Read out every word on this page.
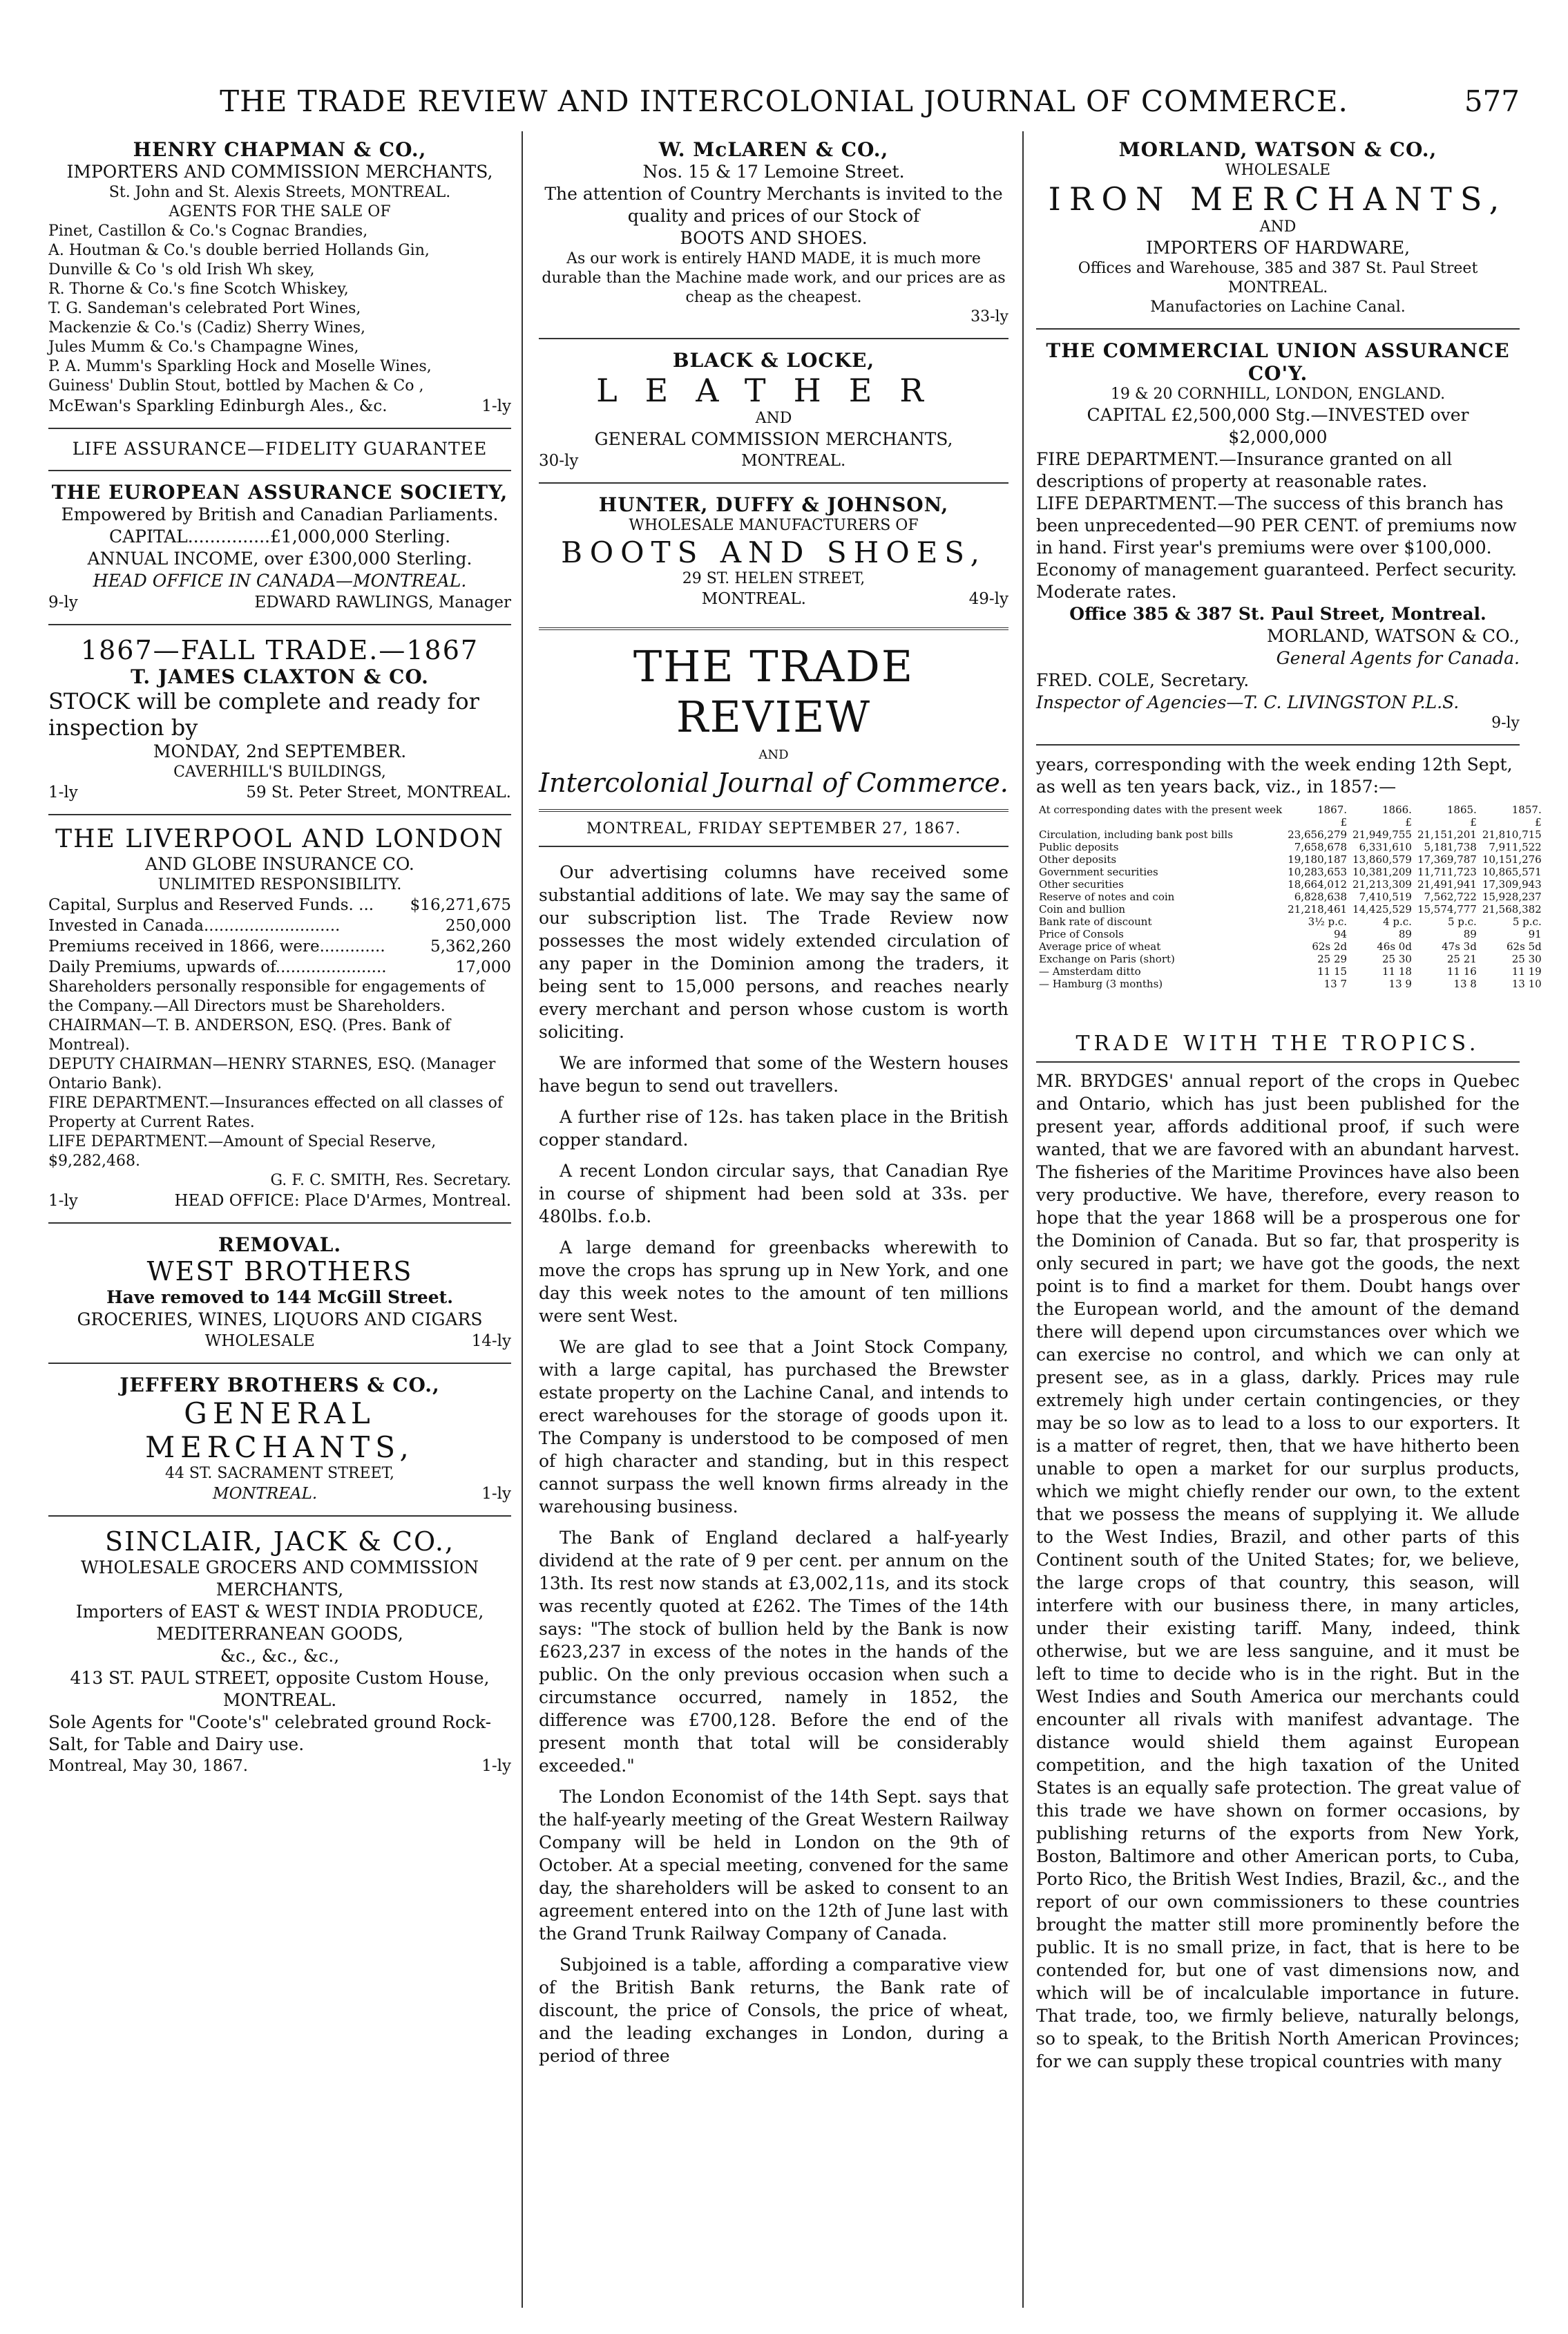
THE TRADE REVIEW AND INTERCOLONIAL JOURNAL OF COMMERCE.	577

HENRY CHAPMAN & CO.,

IMPORTERS AND COMMISSION MERCHANTS,

St. John and St. Alexis Streets, MONTREAL.

AGENTS FOR THE SALE OF

Pinet, Castillon & Co.'s Cognac Brandies,

A. Houtman & Co.'s double berried Hollands Gin,

Dunville & Co 's old Irish Wh skey,

R. Thorne & Co.'s fine Scotch Whiskey,

T. G. Sandeman's celebrated Port Wines,

Mackenzie & Co.'s (Cadiz) Sherry Wines,

Jules Mumm & Co.'s Champagne Wines,

P. A. Mumm's Sparkling Hock and Moselle Wines,

Guiness' Dublin Stout, bottled by Machen & Co ,

McEwan's Sparkling Edinburgh Ales., &c.	1-ly

LIFE ASSURANCE—FIDELITY GUARANTEE

THE EUROPEAN ASSURANCE SOCIETY,

Empowered by British and Canadian Parliaments.

CAPITAL...............£1,000,000 Sterling.

ANNUAL INCOME, over £300,000 Sterling.

HEAD OFFICE IN CANADA—MONTREAL.

9-ly	EDWARD RAWLINGS, Manager

1867—FALL TRADE.—1867

T. JAMES CLAXTON & CO.

STOCK will be complete and ready for inspection by

MONDAY, 2nd SEPTEMBER.

CAVERHILL'S BUILDINGS,

1-ly	59 St. Peter Street, MONTREAL.

THE LIVERPOOL AND LONDON

AND GLOBE INSURANCE CO.

UNLIMITED RESPONSIBILITY.

Capital, Surplus and Reserved Funds. ... $16,271,675
Invested in Canada...........................	250,000
Premiums received in 1866, were.............	5,362,260
Daily Premiums, upwards of......................	17,000

Shareholders personally responsible for engagements of the Company.—All Directors must be Shareholders.

CHAIRMAN—T. B. ANDERSON, ESQ. (Pres. Bank of Montreal).

DEPUTY CHAIRMAN—HENRY STARNES, ESQ. (Manager Ontario Bank).

FIRE DEPARTMENT.—Insurances effected on all classes of Property at Current Rates.

LIFE DEPARTMENT.—Amount of Special Reserve, $9,282,468.

G. F. C. SMITH, Res. Secretary.

1-ly	HEAD OFFICE: Place D'Armes, Montreal.

REMOVAL.

WEST BROTHERS

Have removed to 144 McGill Street.

GROCERIES, WINES, LIQUORS AND CIGARS

WHOLESALE	14-ly

JEFFERY BROTHERS & CO.,

GENERAL MERCHANTS,

44 ST. SACRAMENT STREET,

MONTREAL.	1-ly

SINCLAIR, JACK & CO.,

WHOLESALE GROCERS AND COMMISSION MERCHANTS,

Importers of EAST & WEST INDIA PRODUCE,

MEDITERRANEAN GOODS,

&c., &c., &c.,

413 ST. PAUL STREET, opposite Custom House,

MONTREAL.

Sole Agents for "Coote's" celebrated ground Rock-Salt, for Table and Dairy use.

Montreal, May 30, 1867.	1-ly

W. McLAREN & CO.,

Nos. 15 & 17 Lemoine Street.

The attention of Country Merchants is invited to the quality and prices of our Stock of

BOOTS AND SHOES.

As our work is entirely HAND MADE, it is much more durable than the Machine made work, and our prices are as cheap as the cheapest.

33-ly

BLACK & LOCKE,

LEATHER

AND

GENERAL COMMISSION MERCHANTS,

30-ly	MONTREAL.

HUNTER, DUFFY & JOHNSON,

WHOLESALE MANUFACTURERS OF

BOOTS AND SHOES,

29 ST. HELEN STREET,

MONTREAL.	49-ly
THE TRADE REVIEW
AND
Intercolonial Journal of Commerce.
MONTREAL, FRIDAY SEPTEMBER 27, 1867.

Our advertising columns have received some substantial additions of late. We may say the same of our subscription list. The Trade Review now possesses the most widely extended circulation of any paper in the Dominion among the traders, it being sent to 15,000 persons, and reaches nearly every merchant and person whose custom is worth soliciting.

We are informed that some of the Western houses have begun to send out travellers.

A further rise of 12s. has taken place in the British copper standard.

A recent London circular says, that Canadian Rye in course of shipment had been sold at 33s. per 480lbs. f.o.b.

A large demand for greenbacks wherewith to move the crops has sprung up in New York, and one day this week notes to the amount of ten millions were sent West.

We are glad to see that a Joint Stock Company, with a large capital, has purchased the Brewster estate property on the Lachine Canal, and intends to erect warehouses for the storage of goods upon it. The Company is understood to be composed of men of high character and standing, but in this respect cannot surpass the well known firms already in the warehousing business.

The Bank of England declared a half-yearly dividend at the rate of 9 per cent. per annum on the 13th. Its rest now stands at £3,002,11s, and its stock was recently quoted at £262. The Times of the 14th says: "The stock of bullion held by the Bank is now £623,237 in excess of the notes in the hands of the public. On the only previous occasion when such a circumstance occurred, namely in 1852, the difference was £700,128. Before the end of the present month that total will be considerably exceeded."

The London Economist of the 14th Sept. says that the half-yearly meeting of the Great Western Railway Company will be held in London on the 9th of October. At a special meeting, convened for the same day, the shareholders will be asked to consent to an agreement entered into on the 12th of June last with the Grand Trunk Railway Company of Canada.

Subjoined is a table, affording a comparative view of the British Bank returns, the Bank rate of discount, the price of Consols, the price of wheat, and the leading exchanges in London, during a period of three

MORLAND, WATSON & CO.,

WHOLESALE

IRON MERCHANTS,

AND

IMPORTERS OF HARDWARE,

Offices and Warehouse, 385 and 387 St. Paul Street

MONTREAL.

Manufactories on Lachine Canal.

THE COMMERCIAL UNION ASSURANCE CO'Y.

19 & 20 CORNHILL, LONDON, ENGLAND.

CAPITAL £2,500,000 Stg.—INVESTED over $2,000,000

FIRE DEPARTMENT.—Insurance granted on all descriptions of property at reasonable rates.

LIFE DEPARTMENT.—The success of this branch has been unprecedented—90 PER CENT. of premiums now in hand. First year's premiums were over $100,000. Economy of management guaranteed. Perfect security. Moderate rates.

Office 385 & 387 St. Paul Street, Montreal.

MORLAND, WATSON & CO.,

General Agents for Canada.

FRED. COLE, Secretary.

Inspector of Agencies—T. C. LIVINGSTON P.L.S.

9-ly

years, corresponding with the week ending 12th Sept, as well as ten years back, viz., in 1857:—

At corresponding dates with the present week	1867.	1866.	1865.	1857.
	£	£	£	£
Circulation, including bank post bills	23,656,279	21,949,755	21,151,201	21,810,715
Public deposits	7,658,678	6,331,610	5,181,738	7,911,522
Other deposits	19,180,187	13,860,579	17,369,787	10,151,276
Government securities	10,283,653	10,381,209	11,711,723	10,865,571
Other securities	18,664,012	21,213,309	21,491,941	17,309,943
Reserve of notes and coin	6,828,638	7,410,519	7,562,722	15,928,237
Coin and bullion	21,218,461	14,425,529	15,574,777	21,568,382
Bank rate of discount	3½ p.c.	4 p.c.	5 p.c.	5 p.c.
Price of Consols	94	89	89	91
Average price of wheat	62s 2d	46s 0d	47s 3d	62s 5d
Exchange on Paris (short)	25 29	25 30	25 21	25 30
— Amsterdam ditto	11 15	11 18	11 16	11 19
— Hamburg (3 months)	13 7	13 9	13 8	13 10

TRADE WITH THE TROPICS.

MR. BRYDGES' annual report of the crops in Quebec and Ontario, which has just been published for the present year, affords additional proof, if such were wanted, that we are favored with an abundant harvest. The fisheries of the Maritime Provinces have also been very productive. We have, therefore, every reason to hope that the year 1868 will be a prosperous one for the Dominion of Canada. But so far, that prosperity is only secured in part; we have got the goods, the next point is to find a market for them. Doubt hangs over the European world, and the amount of the demand there will depend upon circumstances over which we can exercise no control, and which we can only at present see, as in a glass, darkly. Prices may rule extremely high under certain contingencies, or they may be so low as to lead to a loss to our exporters. It is a matter of regret, then, that we have hitherto been unable to open a market for our surplus products, which we might chiefly render our own, to the extent that we possess the means of supplying it. We allude to the West Indies, Brazil, and other parts of this Continent south of the United States; for, we believe, the large crops of that country, this season, will interfere with our business there, in many articles, under their existing tariff. Many, indeed, think otherwise, but we are less sanguine, and it must be left to time to decide who is in the right. But in the West Indies and South America our merchants could encounter all rivals with manifest advantage. The distance would shield them against European competition, and the high taxation of the United States is an equally safe protection. The great value of this trade we have shown on former occasions, by publishing returns of the exports from New York, Boston, Baltimore and other American ports, to Cuba, Porto Rico, the British West Indies, Brazil, &c., and the report of our own commissioners to these countries brought the matter still more prominently before the public. It is no small prize, in fact, that is here to be contended for, but one of vast dimensions now, and which will be of incalculable importance in future. That trade, too, we firmly believe, naturally belongs, so to speak, to the British North American Provinces; for we can supply these tropical countries with many
